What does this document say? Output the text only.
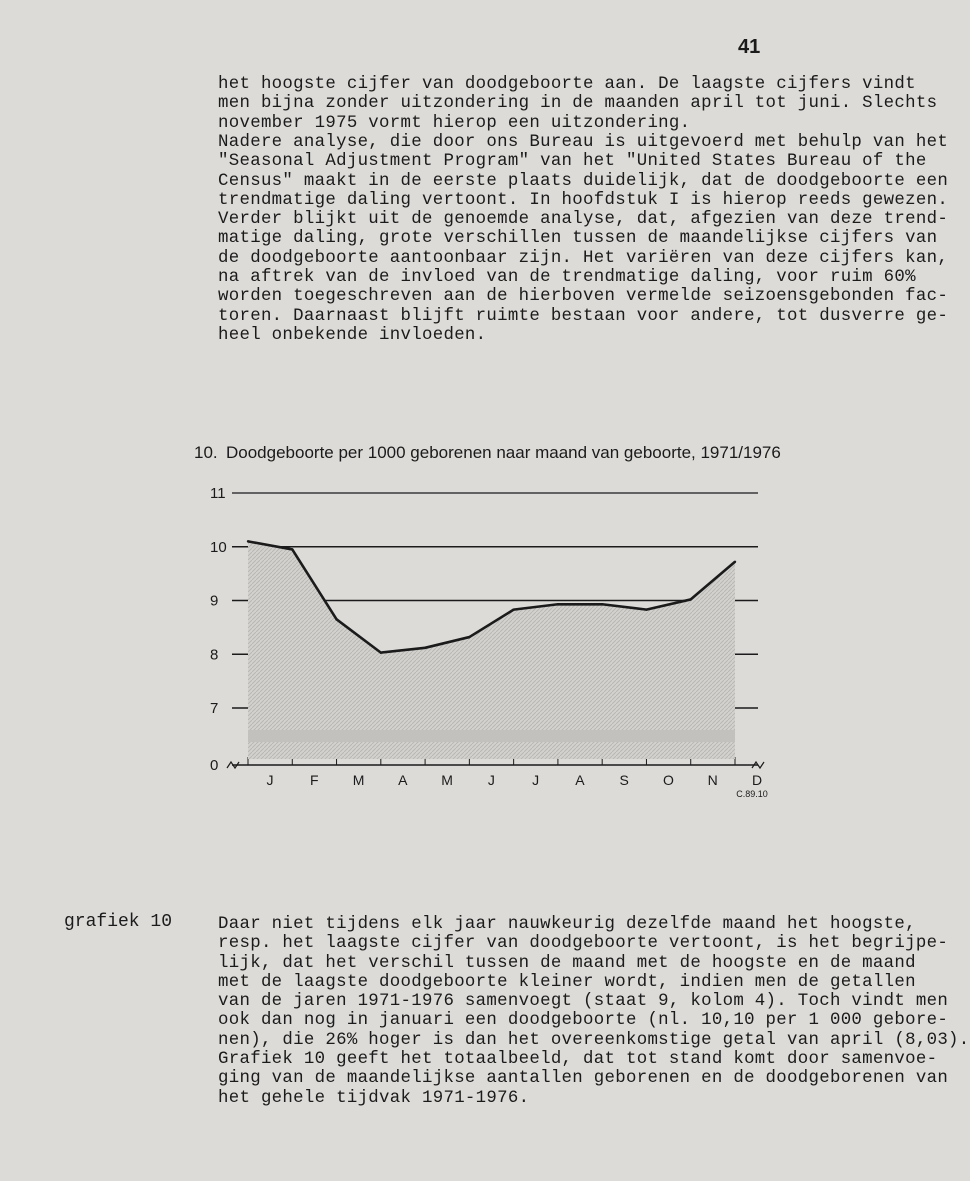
41
het hoogste cijfer van doodgeboorte aan. De laagste cijfers vindt
men bijna zonder uitzondering in de maanden april tot juni. Slechts
november 1975 vormt hierop een uitzondering.
Nadere analyse, die door ons Bureau is uitgevoerd met behulp van het
"Seasonal Adjustment Program" van het "United States Bureau of the
Census" maakt in de eerste plaats duidelijk, dat de doodgeboorte een
trendmatige daling vertoont. In hoofdstuk I is hierop reeds gewezen.
Verder blijkt uit de genoemde analyse, dat, afgezien van deze trend-
matige daling, grote verschillen tussen de maandelijkse cijfers van
de doodgeboorte aantoonbaar zijn. Het variëren van deze cijfers kan,
na aftrek van de invloed van de trendmatige daling, voor ruim 60%
worden toegeschreven aan de hierboven vermelde seizoensgebonden fac-
toren. Daarnaast blijft ruimte bestaan voor andere, tot dusverre ge-
heel onbekende invloeden.
10. Doodgeboorte per 1000 geborenen naar maand van geboorte, 1971/1976
11
10
9
8
7
0
J	F M A M J	J	A S O N D
C.89.10
grafiek 10	Daar niet tijdens elk jaar nauwkeurig dezelfde maand het hoogste,
resp. het laagste cijfer van doodgeboorte vertoont, is het begrijpe-
lijk, dat het verschil tussen de maand met de hoogste en de maand
met de laagste doodgeboorte kleiner wordt, indien men de getallen
van de jaren 1971-1976 samenvoegt (staat 9, kolom 4). Toch vindt men
ook dan nog in januari een doodgeboorte (nl. 10,10 per 1 000 gebore-
nen), die 26% hoger is dan het overeenkomstige getal van april (8,03).
Grafiek 10 geeft het totaalbeeld, dat tot stand komt door samenvoe-
ging van de maandelijkse aantallen geborenen en de doodgeborenen van
het gehele tijdvak 1971-1976.
